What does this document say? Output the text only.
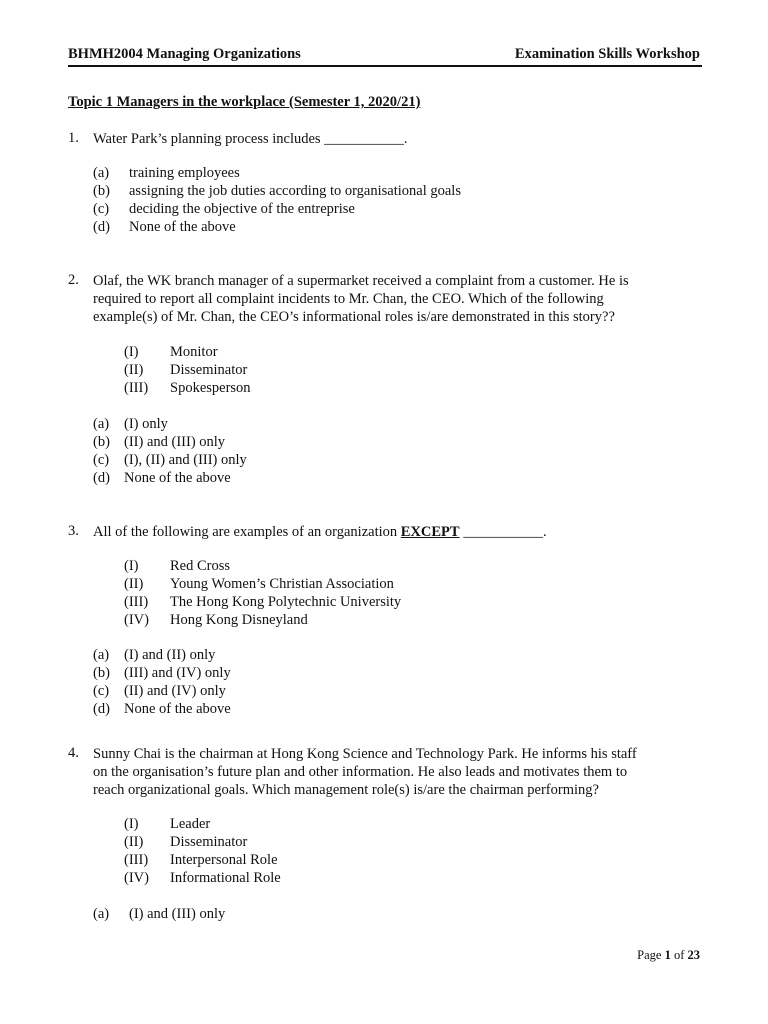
BHMH2004 Managing Organizations	Examination Skills Workshop
Topic 1 Managers in the workplace (Semester 1, 2020/21)
1. Water Park’s planning process includes ___________.
(a) training employees
(b) assigning the job duties according to organisational goals
(c) deciding the objective of the entreprise
(d) None of the above
2. Olaf, the WK branch manager of a supermarket received a complaint from a customer. He is
required to report all complaint incidents to Mr. Chan, the CEO. Which of the following
example(s) of Mr. Chan, the CEO’s informational roles is/are demonstrated in this story??
(I) Monitor
(II) Disseminator
(III) Spokesperson
(a) (I) only
(b) (II) and (III) only
(c) (I), (II) and (III) only
(d) None of the above
3. All of the following are examples of an organization EXCEPT ___________.
(I) Red Cross
(II) Young Women’s Christian Association
(III) The Hong Kong Polytechnic University
(IV) Hong Kong Disneyland
(a) (I) and (II) only
(b) (III) and (IV) only
(c) (II) and (IV) only
(d) None of the above
4. Sunny Chai is the chairman at Hong Kong Science and Technology Park. He informs his staff
on the organisation’s future plan and other information. He also leads and motivates them to
reach organizational goals. Which management role(s) is/are the chairman performing?
(I) Leader
(II) Disseminator
(III) Interpersonal Role
(IV) Informational Role
(a) (I) and (III) only
Page 1 of 23
